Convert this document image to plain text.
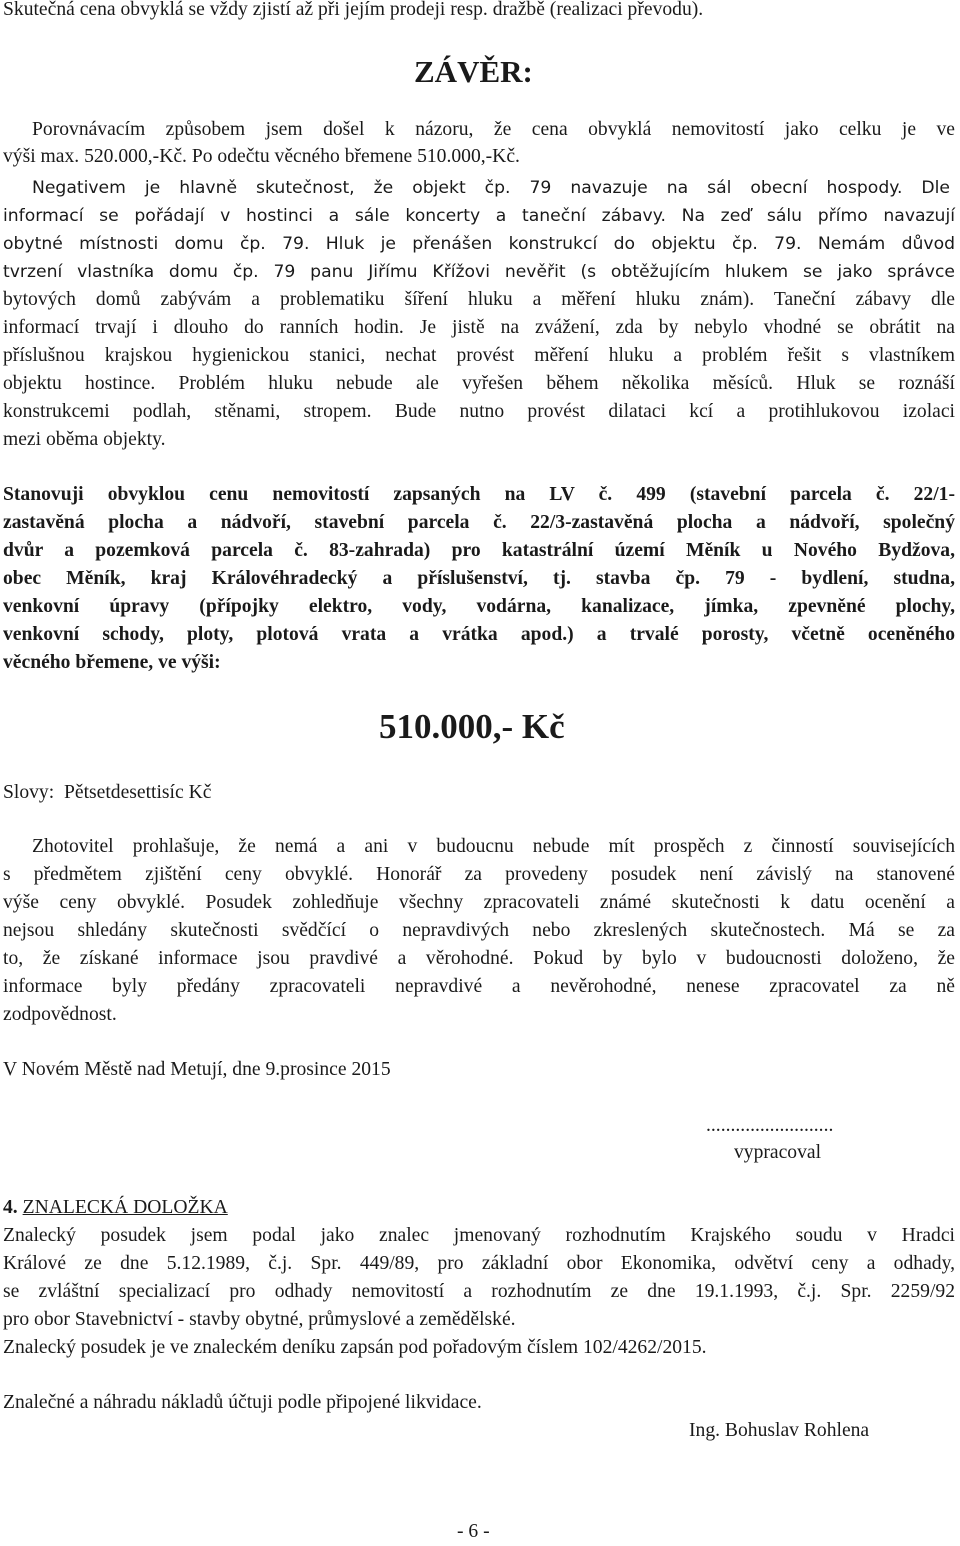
Skutečná cena obvyklá se vždy zjistí až při jejím prodeji resp. dražbě (realizaci převodu).
ZÁVĚR:
Porovnávacím způsobem jsem došel k názoru, že cena obvyklá nemovitostí jako celku je ve
výši max. 520.000,-Kč. Po odečtu věcného břemene 510.000,-Kč.
Negativem je hlavně skutečnost, že objekt čp. 79 navazuje na sál obecní hospody. Dle
informací se pořádají v hostinci a sále koncerty a taneční zábavy. Na zeď sálu přímo navazují
obytné místnosti domu čp. 79. Hluk je přenášen konstrukcí do objektu čp. 79. Nemám důvod
tvrzení vlastníka domu čp. 79 panu Jiřímu Křížovi nevěřit (s obtěžujícím hlukem se jako správce
bytových domů zabývám a problematiku šíření hluku a měření hluku znám). Taneční zábavy dle
informací trvají i dlouho do ranních hodin. Je jistě na zvážení, zda by nebylo vhodné se obrátit na
příslušnou krajskou hygienickou stanici, nechat provést měření hluku a problém řešit s vlastníkem
objektu hostince. Problém hluku nebude ale vyřešen během několika měsíců. Hluk se roznáší
konstrukcemi podlah, stěnami, stropem. Bude nutno provést dilataci kcí a protihlukovou izolaci
mezi oběma objekty.
Stanovuji obvyklou cenu nemovitostí zapsaných na LV č. 499 (stavební parcela č. 22/1-
zastavěná plocha a nádvoří, stavební parcela č. 22/3-zastavěná plocha a nádvoří, společný
dvůr a pozemková parcela č. 83-zahrada) pro katastrální území Měník u Nového Bydžova,
obec Měník, kraj Královéhradecký a příslušenství, tj. stavba čp. 79 - bydlení, studna,
venkovní úpravy (přípojky elektro, vody, vodárna, kanalizace, jímka, zpevněné plochy,
venkovní schody, ploty, plotová vrata a vrátka apod.) a trvalé porosty, včetně oceněného
věcného břemene, ve výši:
510.000,- Kč
Slovy:  Pětsetdesettisíc Kč
Zhotovitel prohlašuje, že nemá a ani v budoucnu nebude mít prospěch z činností souvisejících
s předmětem zjištění ceny obvyklé. Honorář za provedeny posudek není závislý na stanovené
výše ceny obvyklé. Posudek zohledňuje všechny zpracovateli známé skutečnosti k datu ocenění a
nejsou shledány skutečnosti svědčící o nepravdivých nebo zkreslených skutečnostech. Má se za
to, že získané informace jsou pravdivé a věrohodné. Pokud by bylo v budoucnosti doloženo, že
informace byly předány zpracovateli nepravdivé a nevěrohodné, nenese zpracovatel za ně
zodpovědnost.
V Novém Městě nad Metují, dne 9.prosince 2015
..........................
vypracoval
4. ZNALECKÁ DOLOŽKA
Znalecký posudek jsem podal jako znalec jmenovaný rozhodnutím Krajského soudu v Hradci
Králové ze dne 5.12.1989, č.j. Spr. 449/89, pro základní obor Ekonomika, odvětví ceny a odhady,
se zvláštní specializací pro odhady nemovitostí a rozhodnutím ze dne 19.1.1993, č.j. Spr. 2259/92
pro obor Stavebnictví - stavby obytné, průmyslové a zemědělské.
Znalecký posudek je ve znaleckém deníku zapsán pod pořadovým číslem 102/4262/2015.
Znalečné a náhradu nákladů účtuji podle připojené likvidace.
Ing. Bohuslav Rohlena
- 6 -
